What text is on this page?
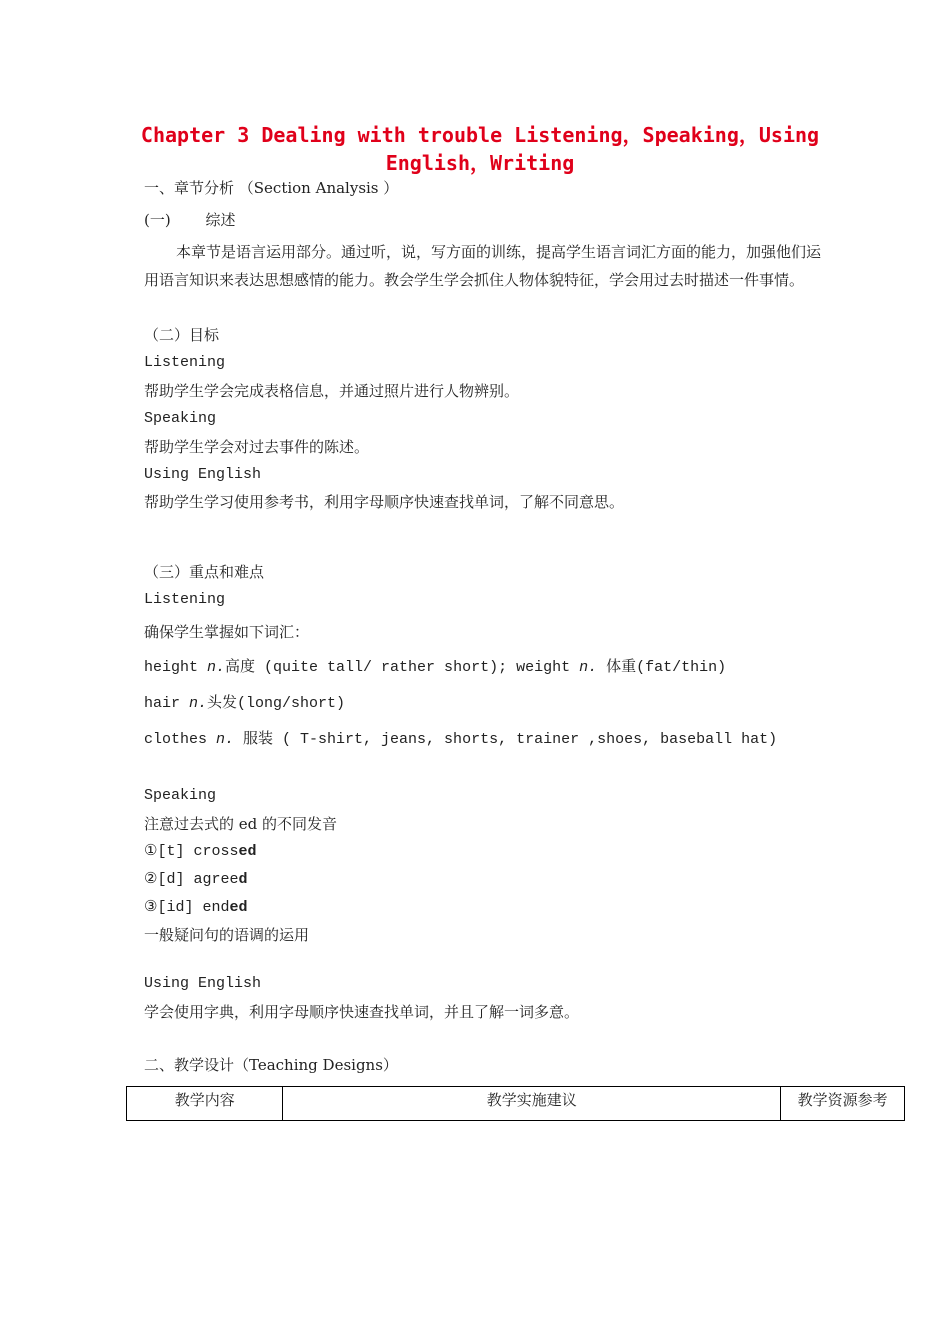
Chapter 3 Dealing with trouble Listening，Speaking，Using
English，Writing
一、章节分析 （Section Analysis ）
(一)　　 综述
本章节是语言运用部分。通过听，说，写方面的训练，提高学生语言词汇方面的能力，加强他们运用语言知识来表达思想感情的能力。教会学生学会抓住人物体貌特征，学会用过去时描述一件事情。
（二）目标
Listening
帮助学生学会完成表格信息，并通过照片进行人物辨别。
Speaking
帮助学生学会对过去事件的陈述。
Using English
帮助学生学习使用参考书，利用字母顺序快速查找单词，了解不同意思。
（三）重点和难点
Listening
确保学生掌握如下词汇：
height n.高度 (quite tall/ rather short); weight n. 体重(fat/thin)
hair n.头发(long/short)
clothes n. 服装 ( T-shirt, jeans, shorts, trainer ,shoes, baseball hat)
Speaking
注意过去式的 ed 的不同发音
①[t] crossed
②[d] agreed
③[id] ended
一般疑问句的语调的运用
Using English
学会使用字典，利用字母顺序快速查找单词，并且了解一词多意。
二、教学设计（Teaching Designs）
教学内容	教学实施建议	教学资源参考
